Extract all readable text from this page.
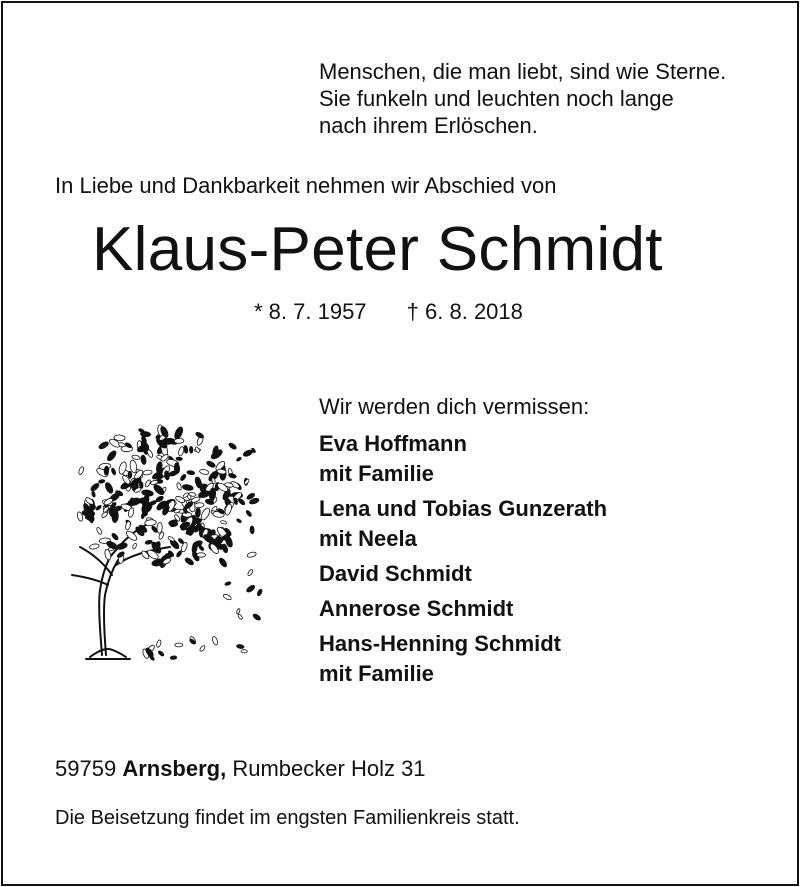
Menschen, die man liebt, sind wie Sterne.
Sie funkeln und leuchten noch lange
nach ihrem Erlöschen.
In Liebe und Dankbarkeit nehmen wir Abschied von
Klaus-Peter Schmidt
* 8. 7. 1957 † 6. 8. 2018
Wir werden dich vermissen:
Eva Hoffmann
mit Familie
Lena und Tobias Gunzerath
mit Neela
David Schmidt
Annerose Schmidt
Hans-Henning Schmidt
mit Familie
59759 Arnsberg, Rumbecker Holz 31
Die Beisetzung findet im engsten Familienkreis statt.
